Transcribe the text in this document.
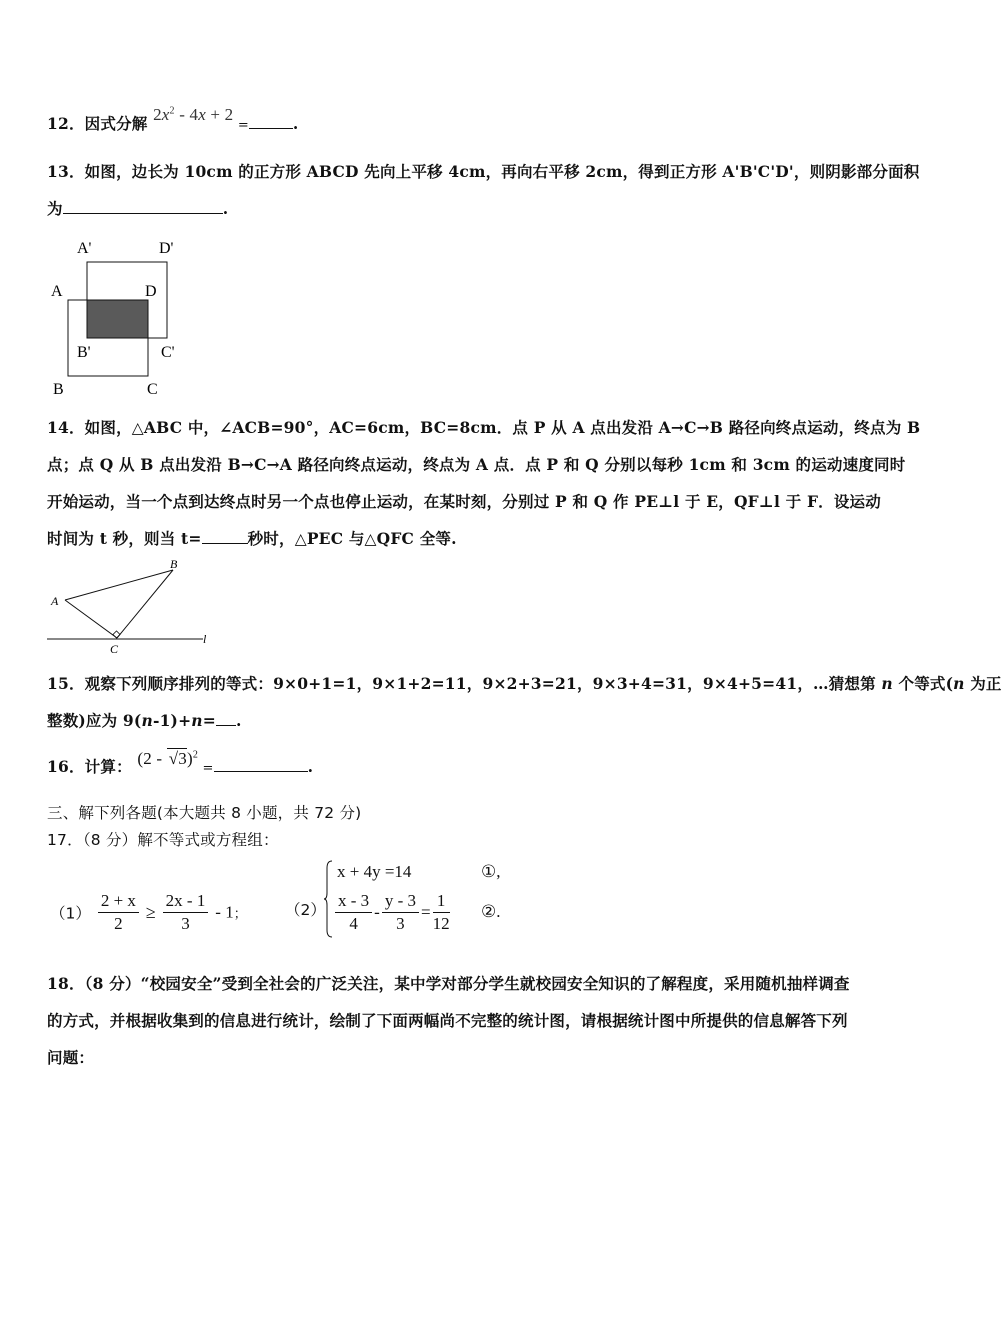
12．因式分解 $2x^2 - 4x + 2$ =	.
13．如图，边长为 10cm 的正方形 ABCD 先向上平移 4cm，再向右平移 2cm，得到正方形 A'B'C'D'，则阴影部分面积
为	.
A'	D'
A	D
B'	C'
B	C
14．如图，△ABC 中，∠ACB=90°，AC=6cm，BC=8cm．点 P 从 A 点出发沿 A→C→B 路径向终点运动，终点为 B
点；点 Q 从 B 点出发沿 B→C→A 路径向终点运动，终点为 A 点．点 P 和 Q 分别以每秒 1cm 和 3cm 的运动速度同时
开始运动，当一个点到达终点时另一个点也停止运动，在某时刻，分别过 P 和 Q 作 PE⊥l 于 E，QF⊥l 于 F．设运动
时间为 t 秒，则当 t=	秒时，△PEC 与△QFC 全等.
A
B
C
l
15．观察下列顺序排列的等式：9×0+1=1，9×1+2=11，9×2+3=21，9×3+4=31，9×4+5=41，…猜想第 n 个等式(n 为正
整数)应为 9(n-1)+n= .
16．计算： (2 - √3)$^2$ =	.
三、解下列各题(本大题共 8 小题，共 72 分)
17．（8 分）解不等式或方程组：
$(1) \frac{2 + x}{2} \ge \frac{2x - 1}{3} - 1$； （2）
x + 4y =14	①,
$\frac{x - 3}{4} - \frac{y - 3}{3} = \frac{1}{12}$ ②.
18．（8 分）“校园安全”受到全社会的广泛关注，某中学对部分学生就校园安全知识的了解程度，采用随机抽样调查
的方式，并根据收集到的信息进行统计，绘制了下面两幅尚不完整的统计图，请根据统计图中所提供的信息解答下列
问题：
